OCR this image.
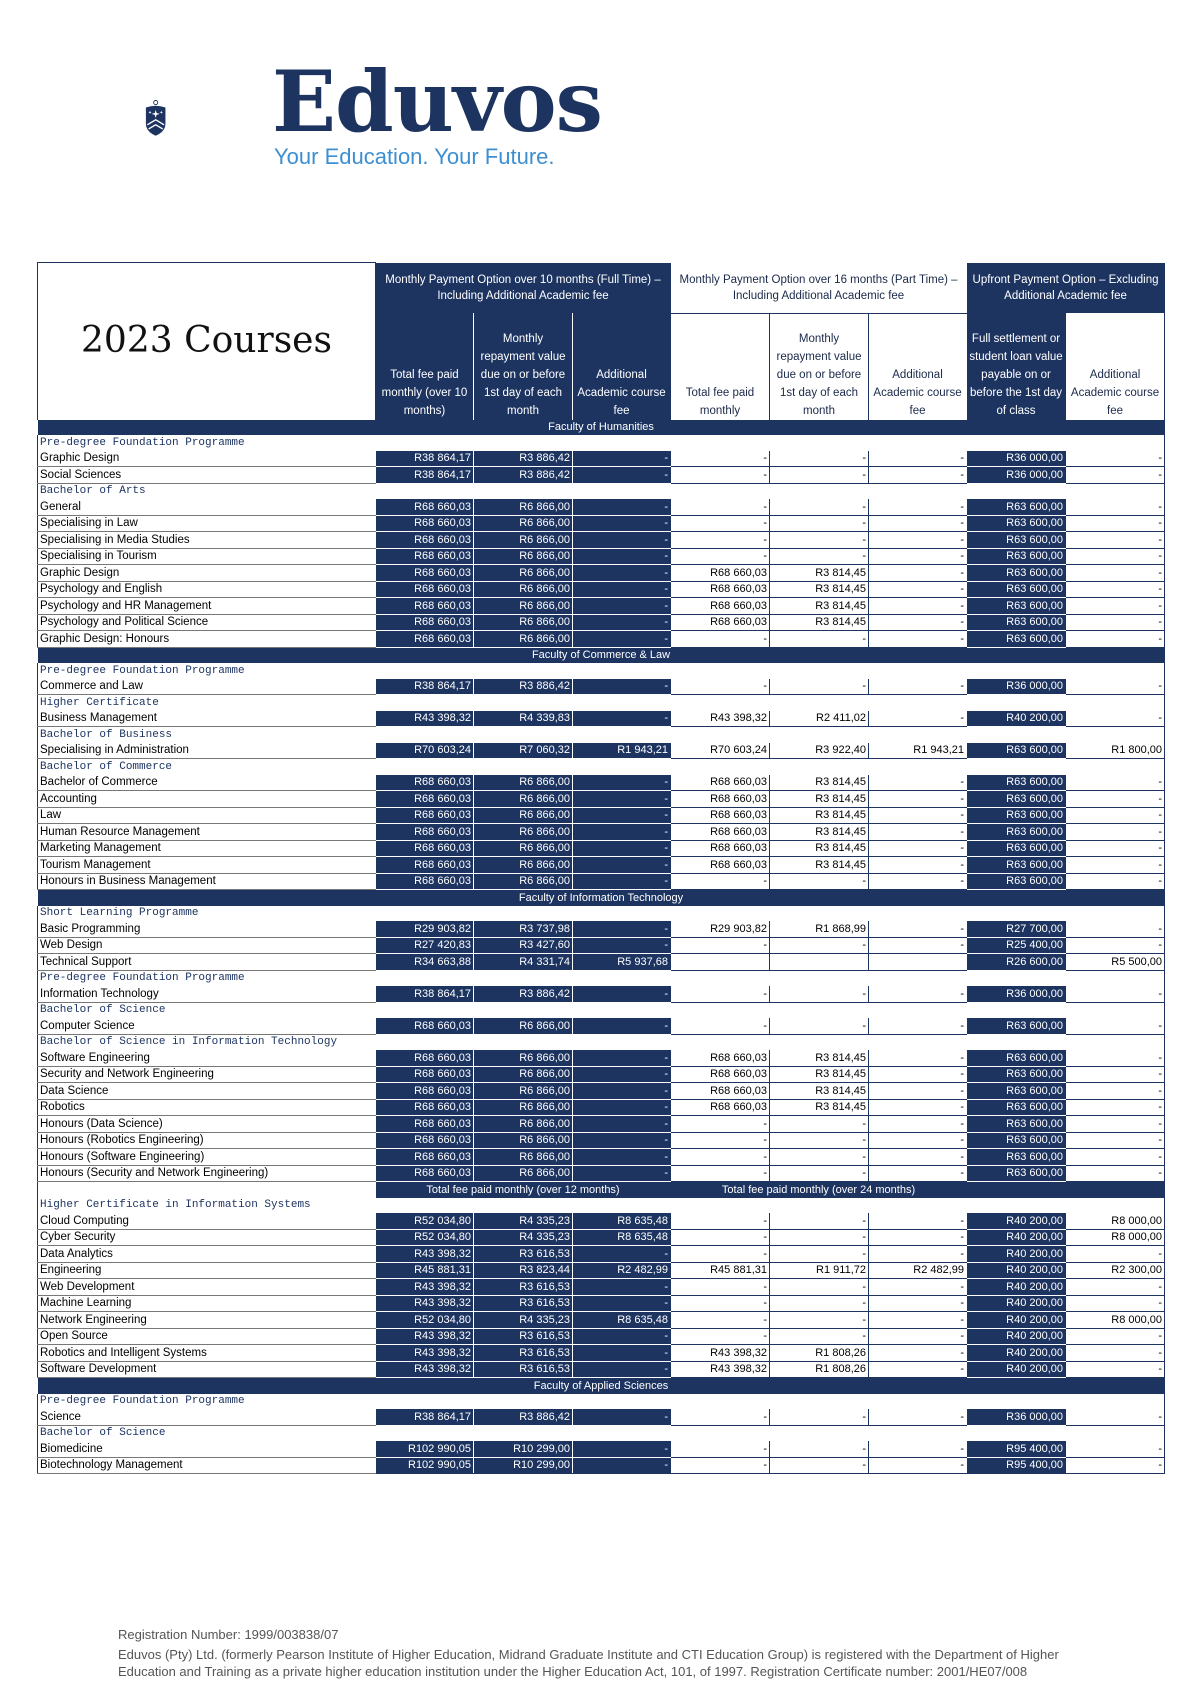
Eduvos
Your Education. Your Future.
2023 Courses	Monthly Payment Option over 10 months (Full Time) – Including Additional Academic fee			Monthly Payment Option over 16 months (Part Time) – Including Additional Academic fee			Upfront Payment Option – Excluding Additional Academic fee	
	Total fee paid monthly (over 10 months)	Monthly repayment value due on or before 1st day of each month	Additional Academic course fee	Total fee paid monthly	Monthly repayment value due on or before 1st day of each month	Additional Academic course fee	Full settlement or student loan value payable on or before the 1st day of class	Additional Academic course fee
Faculty of Humanities								
Pre-degree Foundation Programme								
Graphic Design	R38 864,17	R3 886,42	-	-	-	-	R36 000,00	-
Social Sciences	R38 864,17	R3 886,42	-	-	-	-	R36 000,00	-
Bachelor of Arts								
General	R68 660,03	R6 866,00	-	-	-	-	R63 600,00	-
Specialising in Law	R68 660,03	R6 866,00	-	-	-	-	R63 600,00	-
Specialising in Media Studies	R68 660,03	R6 866,00	-	-	-	-	R63 600,00	-
Specialising in Tourism	R68 660,03	R6 866,00	-	-	-	-	R63 600,00	-
Graphic Design	R68 660,03	R6 866,00	-	R68 660,03	R3 814,45	-	R63 600,00	-
Psychology and English	R68 660,03	R6 866,00	-	R68 660,03	R3 814,45	-	R63 600,00	-
Psychology and HR Management	R68 660,03	R6 866,00	-	R68 660,03	R3 814,45	-	R63 600,00	-
Psychology and Political Science	R68 660,03	R6 866,00	-	R68 660,03	R3 814,45	-	R63 600,00	-
Graphic Design: Honours	R68 660,03	R6 866,00	-	-	-	-	R63 600,00	-
Faculty of Commerce & Law								
Pre-degree Foundation Programme								
Commerce and Law	R38 864,17	R3 886,42	-	-	-	-	R36 000,00	-
Higher Certificate								
Business Management	R43 398,32	R4 339,83	-	R43 398,32	R2 411,02	-	R40 200,00	-
Bachelor of Business								
Specialising in Administration	R70 603,24	R7 060,32	R1 943,21	R70 603,24	R3 922,40	R1 943,21	R63 600,00	R1 800,00
Bachelor of Commerce								
Bachelor of Commerce	R68 660,03	R6 866,00	-	R68 660,03	R3 814,45	-	R63 600,00	-
Accounting	R68 660,03	R6 866,00	-	R68 660,03	R3 814,45	-	R63 600,00	-
Law	R68 660,03	R6 866,00	-	R68 660,03	R3 814,45	-	R63 600,00	-
Human Resource Management	R68 660,03	R6 866,00	-	R68 660,03	R3 814,45	-	R63 600,00	-
Marketing Management	R68 660,03	R6 866,00	-	R68 660,03	R3 814,45	-	R63 600,00	-
Tourism Management	R68 660,03	R6 866,00	-	R68 660,03	R3 814,45	-	R63 600,00	-
Honours in Business Management	R68 660,03	R6 866,00	-	-	-	-	R63 600,00	-
Faculty of Information Technology								
Short Learning Programme								
Basic Programming	R29 903,82	R3 737,98	-	R29 903,82	R1 868,99	-	R27 700,00	-
Web Design	R27 420,83	R3 427,60	-	-	-	-	R25 400,00	-
Technical Support	R34 663,88	R4 331,74	R5 937,68				R26 600,00	R5 500,00
Pre-degree Foundation Programme								
Information Technology	R38 864,17	R3 886,42	-	-	-	-	R36 000,00	-
Bachelor of Science								
Computer Science	R68 660,03	R6 866,00	-	-	-	-	R63 600,00	-
Bachelor of Science in Information Technology								
Software Engineering	R68 660,03	R6 866,00	-	R68 660,03	R3 814,45	-	R63 600,00	-
Security and Network Engineering	R68 660,03	R6 866,00	-	R68 660,03	R3 814,45	-	R63 600,00	-
Data Science	R68 660,03	R6 866,00	-	R68 660,03	R3 814,45	-	R63 600,00	-
Robotics	R68 660,03	R6 866,00	-	R68 660,03	R3 814,45	-	R63 600,00	-
Honours (Data Science)	R68 660,03	R6 866,00	-	-	-	-	R63 600,00	-
Honours (Robotics Engineering)	R68 660,03	R6 866,00	-	-	-	-	R63 600,00	-
Honours (Software Engineering)	R68 660,03	R6 866,00	-	-	-	-	R63 600,00	-
Honours (Security and Network Engineering)	R68 660,03	R6 866,00	-	-	-	-	R63 600,00	-
	Total fee paid monthly (over 12 months)			Total fee paid monthly (over 24 months)				
Higher Certificate in Information Systems								
Cloud Computing	R52 034,80	R4 335,23	R8 635,48	-	-	-	R40 200,00	R8 000,00
Cyber Security	R52 034,80	R4 335,23	R8 635,48	-	-	-	R40 200,00	R8 000,00
Data Analytics	R43 398,32	R3 616,53	-	-	-	-	R40 200,00	-
Engineering	R45 881,31	R3 823,44	R2 482,99	R45 881,31	R1 911,72	R2 482,99	R40 200,00	R2 300,00
Web Development	R43 398,32	R3 616,53	-	-	-	-	R40 200,00	-
Machine Learning	R43 398,32	R3 616,53	-	-	-	-	R40 200,00	-
Network Engineering	R52 034,80	R4 335,23	R8 635,48	-	-	-	R40 200,00	R8 000,00
Open Source	R43 398,32	R3 616,53	-	-	-	-	R40 200,00	-
Robotics and Intelligent Systems	R43 398,32	R3 616,53	-	R43 398,32	R1 808,26	-	R40 200,00	-
Software Development	R43 398,32	R3 616,53	-	R43 398,32	R1 808,26	-	R40 200,00	-
Faculty of Applied Sciences								
Pre-degree Foundation Programme								
Science	R38 864,17	R3 886,42	-	-	-	-	R36 000,00	-
Bachelor of Science								
Biomedicine	R102 990,05	R10 299,00	-	-	-	-	R95 400,00	-
Biotechnology Management	R102 990,05	R10 299,00	-	-	-	-	R95 400,00	-

Registration Number: 1999/003838/07

Eduvos (Pty) Ltd. (formerly Pearson Institute of Higher Education, Midrand Graduate Institute and CTI Education Group) is registered with the Department of Higher Education and Training as a private higher education institution under the Higher Education Act, 101, of 1997. Registration Certificate number: 2001/HE07/008
